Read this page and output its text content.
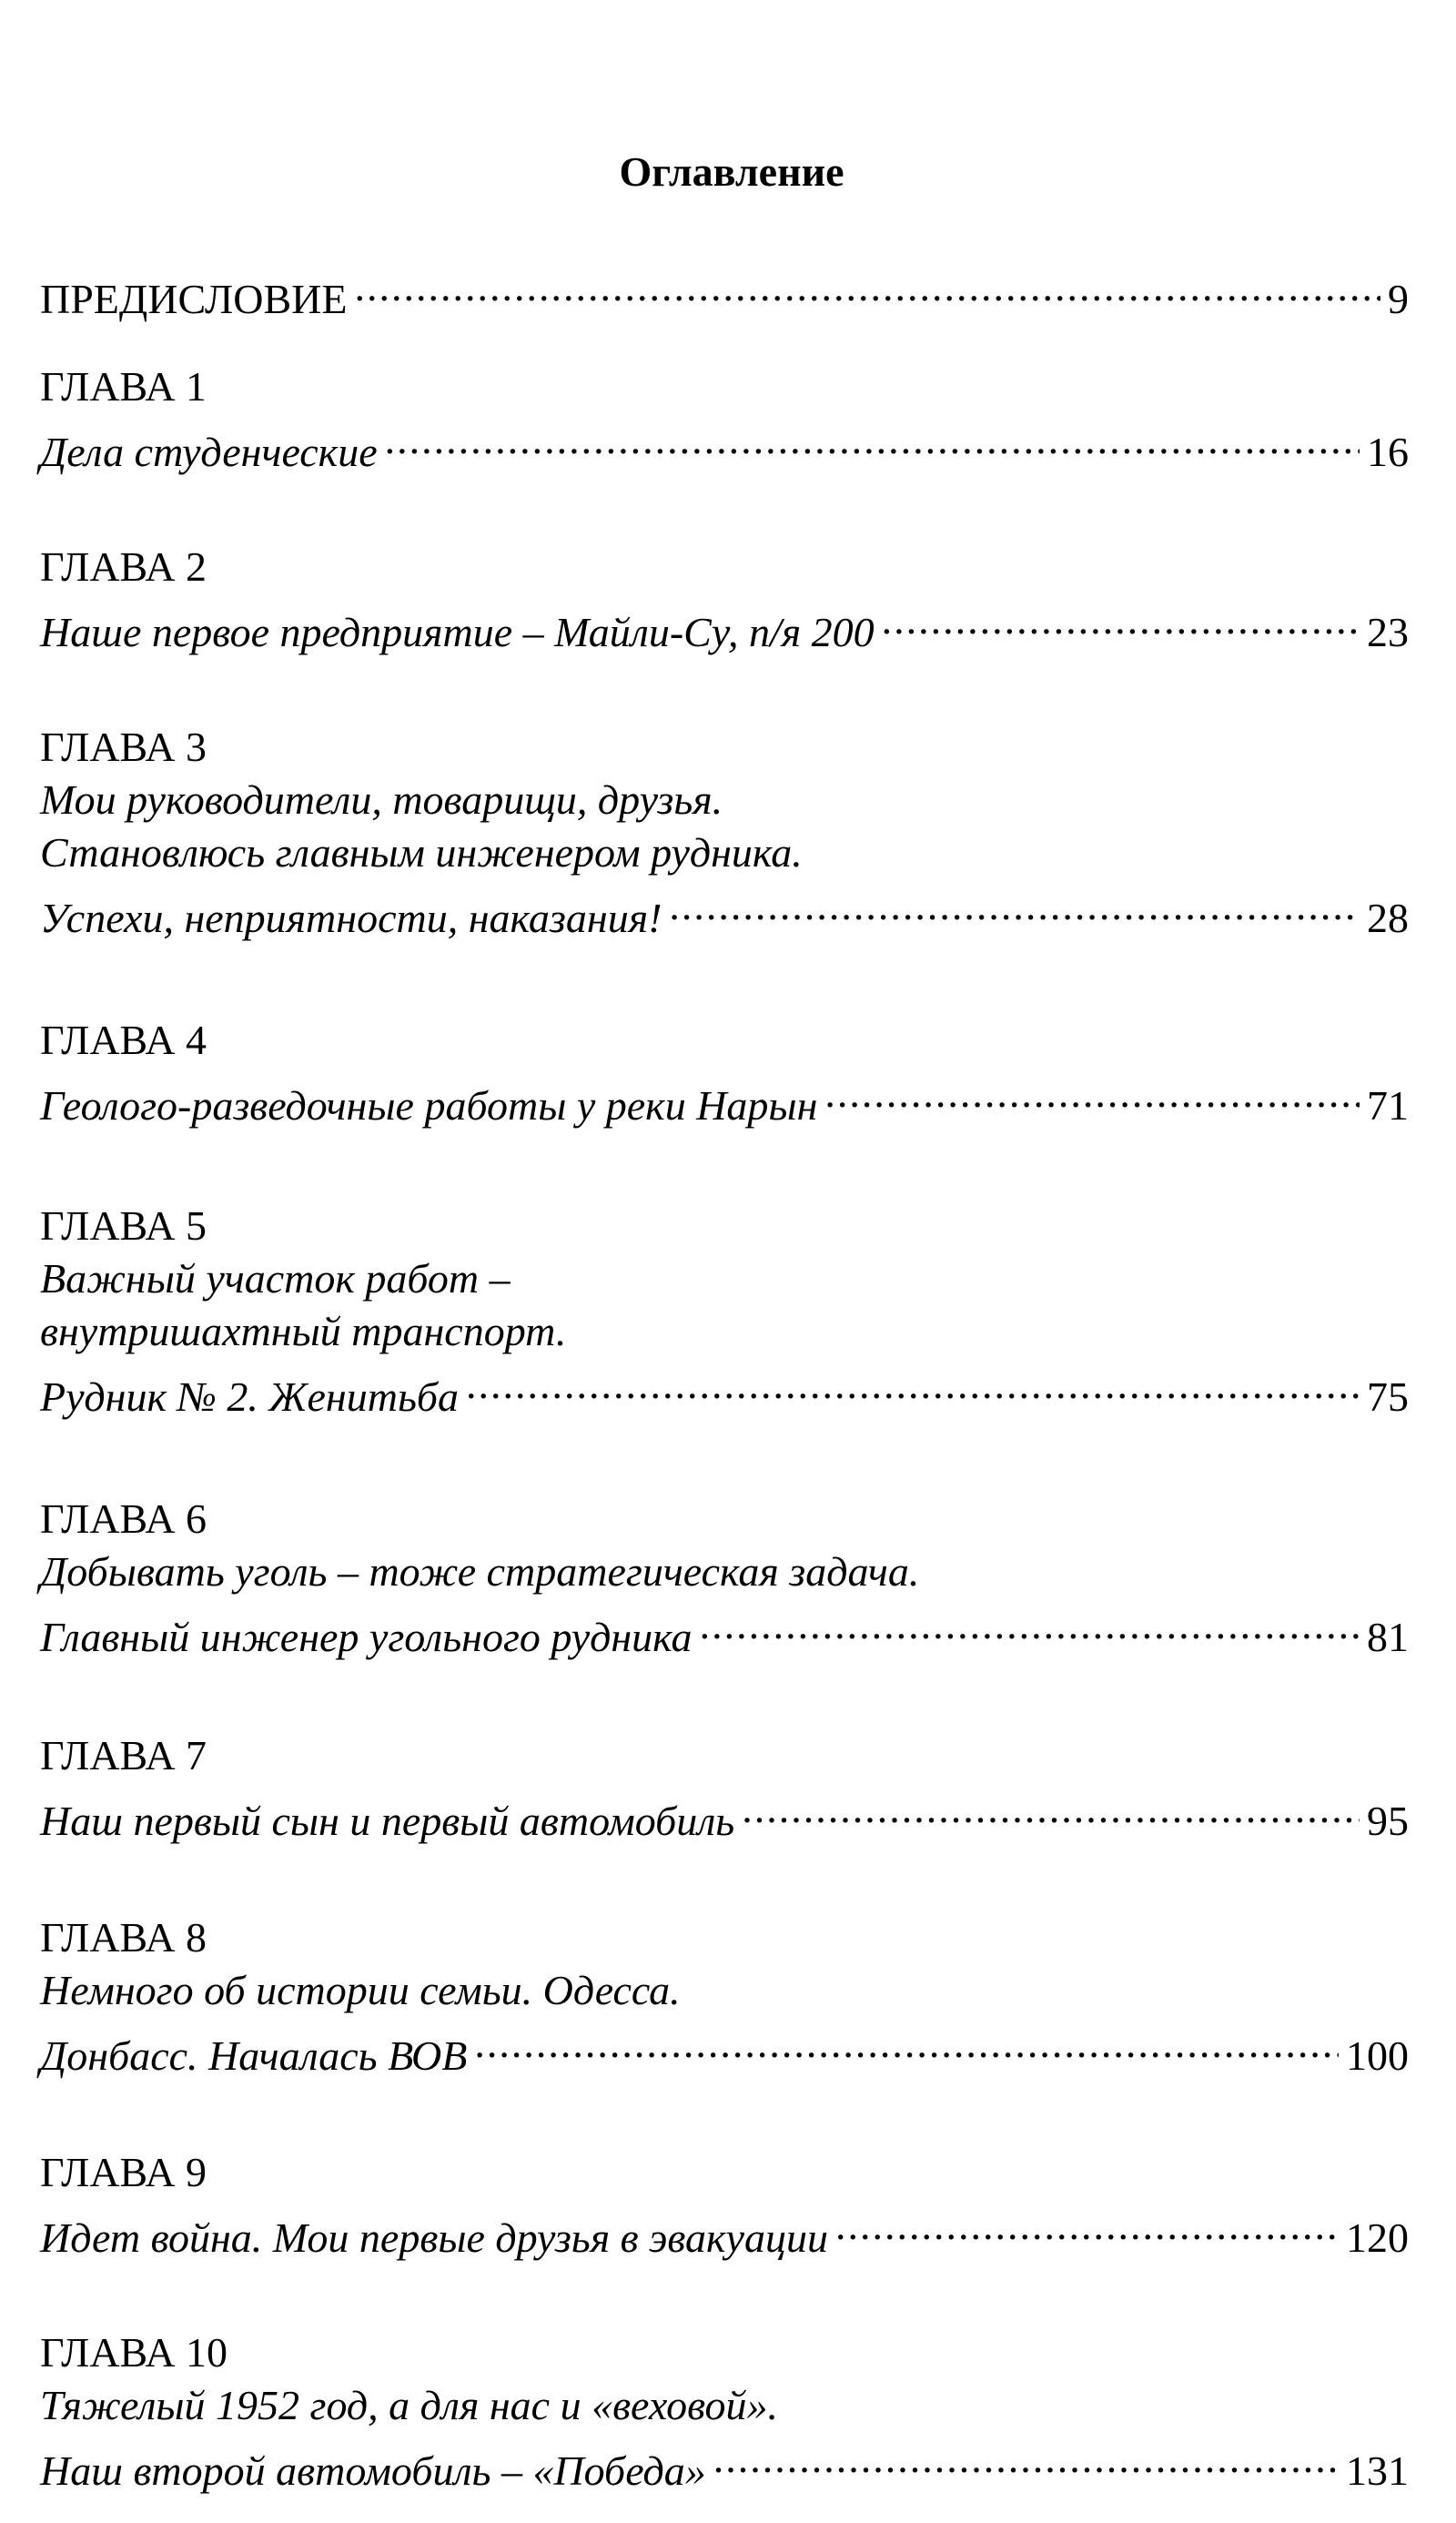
Оглавление
ПРЕДИСЛОВИЕ .....	9
ГЛАВА 1
Дела студенческие .....	16
ГЛАВА 2
Наше первое предприятие – Майли-Су, п/я 200 .....	23
ГЛАВА 3
Мои руководители, товарищи, друзья.
Становлюсь главным инженером рудника.
Успехи, неприятности, наказания! .....	28
ГЛАВА 4
Геолого-разведочные работы у реки Нарын .....	71
ГЛАВА 5
Важный участок работ –
внутришахтный транспорт.
Рудник № 2. Женитьба .....	75
ГЛАВА 6
Добывать уголь – тоже стратегическая задача.
Главный инженер угольного рудника .....	81
ГЛАВА 7
Наш первый сын и первый автомобиль .....	95
ГЛАВА 8
Немного об истории семьи. Одесса.
Донбасс. Началась ВОВ .....	100
ГЛАВА 9
Идет война. Мои первые друзья в эвакуации .....	120
ГЛАВА 10
Тяжелый 1952 год, а для нас и «веховой».
Наш второй автомобиль – «Победа» .....	131
